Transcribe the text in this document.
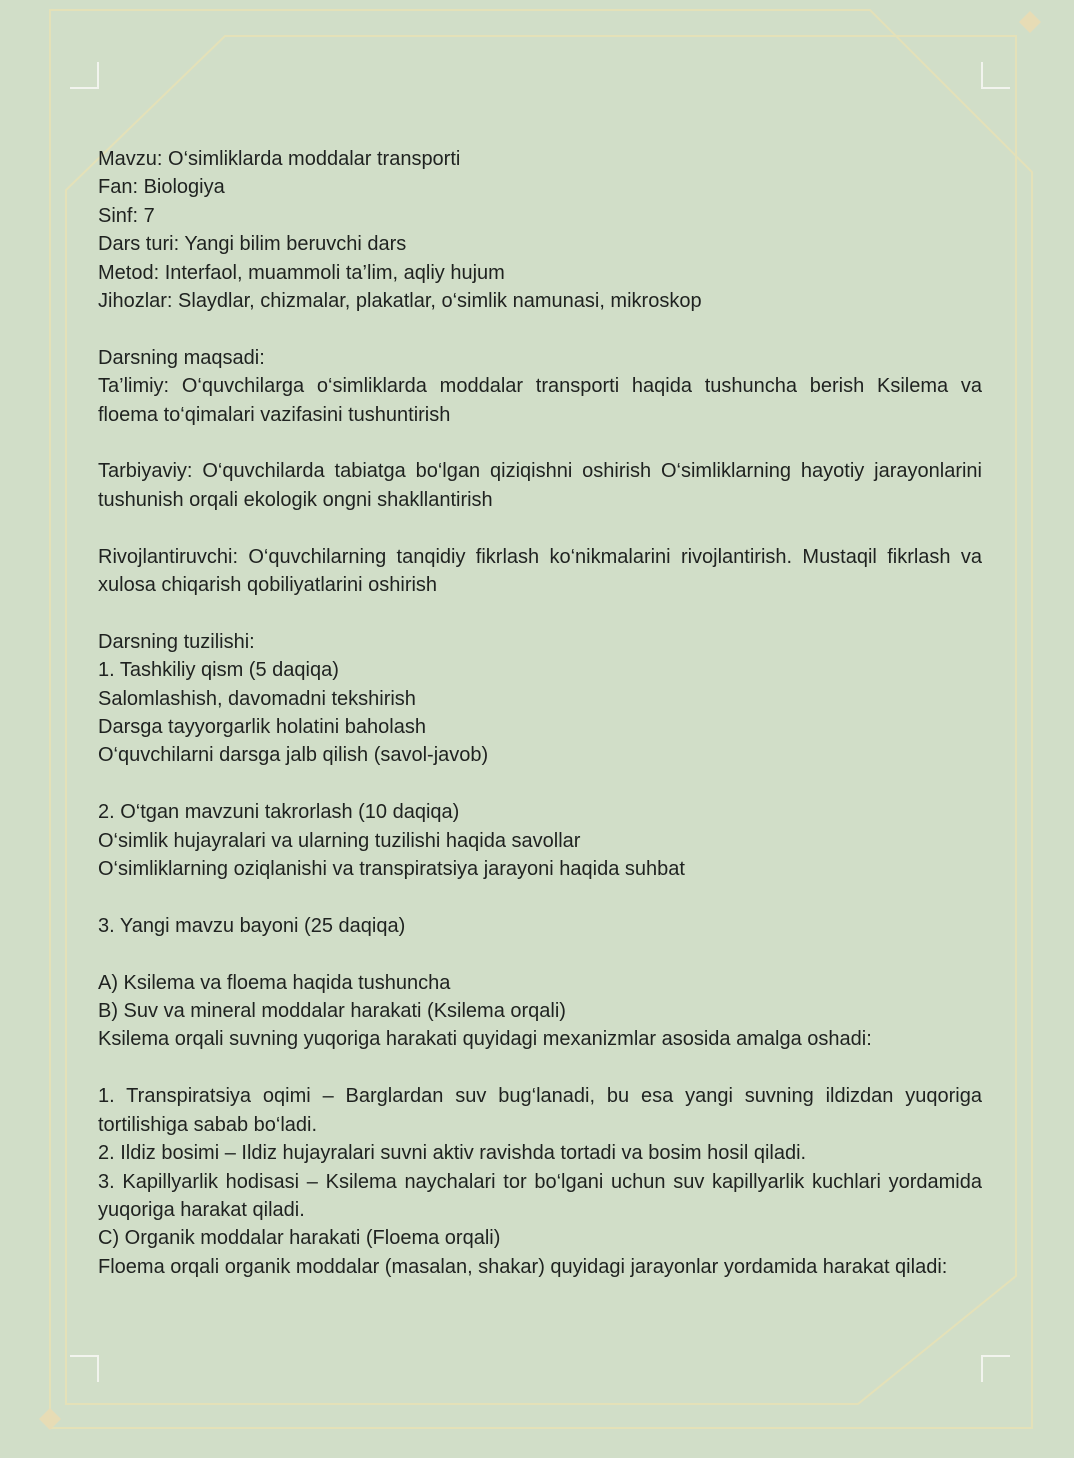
Mavzu: O‘simliklarda moddalar transporti
Fan: Biologiya
Sinf: 7
Dars turi: Yangi bilim beruvchi dars
Metod: Interfaol, muammoli ta’lim, aqliy hujum
Jihozlar: Slaydlar, chizmalar, plakatlar, o‘simlik namunasi, mikroskop
Darsning maqsadi:
Ta’limiy: O‘quvchilarga o‘simliklarda moddalar transporti haqida tushuncha berish Ksilema va floema to‘qimalari vazifasini tushuntirish
Tarbiyaviy: O‘quvchilarda tabiatga bo‘lgan qiziqishni oshirish O‘simliklarning hayotiy jarayonlarini tushunish orqali ekologik ongni shakllantirish
Rivojlantiruvchi: O‘quvchilarning tanqidiy fikrlash ko‘nikmalarini rivojlantirish. Mustaqil fikrlash va xulosa chiqarish qobiliyatlarini oshirish
Darsning tuzilishi:
1. Tashkiliy qism (5 daqiqa)
Salomlashish, davomadni tekshirish
Darsga tayyorgarlik holatini baholash
O‘quvchilarni darsga jalb qilish (savol-javob)
2. O‘tgan mavzuni takrorlash (10 daqiqa)
O‘simlik hujayralari va ularning tuzilishi haqida savollar
O‘simliklarning oziqlanishi va transpiratsiya jarayoni haqida suhbat
3. Yangi mavzu bayoni (25 daqiqa)
A) Ksilema va floema haqida tushuncha
B) Suv va mineral moddalar harakati (Ksilema orqali)
Ksilema orqali suvning yuqoriga harakati quyidagi mexanizmlar asosida amalga oshadi:
1. Transpiratsiya oqimi – Barglardan suv bug‘lanadi, bu esa yangi suvning ildizdan yuqoriga tortilishiga sabab bo‘ladi.
2. Ildiz bosimi – Ildiz hujayralari suvni aktiv ravishda tortadi va bosim hosil qiladi.
3. Kapillyarlik hodisasi – Ksilema naychalari tor bo‘lgani uchun suv kapillyarlik kuchlari yordamida yuqoriga harakat qiladi.
C) Organik moddalar harakati (Floema orqali)
Floema orqali organik moddalar (masalan, shakar) quyidagi jarayonlar yordamida harakat qiladi:
